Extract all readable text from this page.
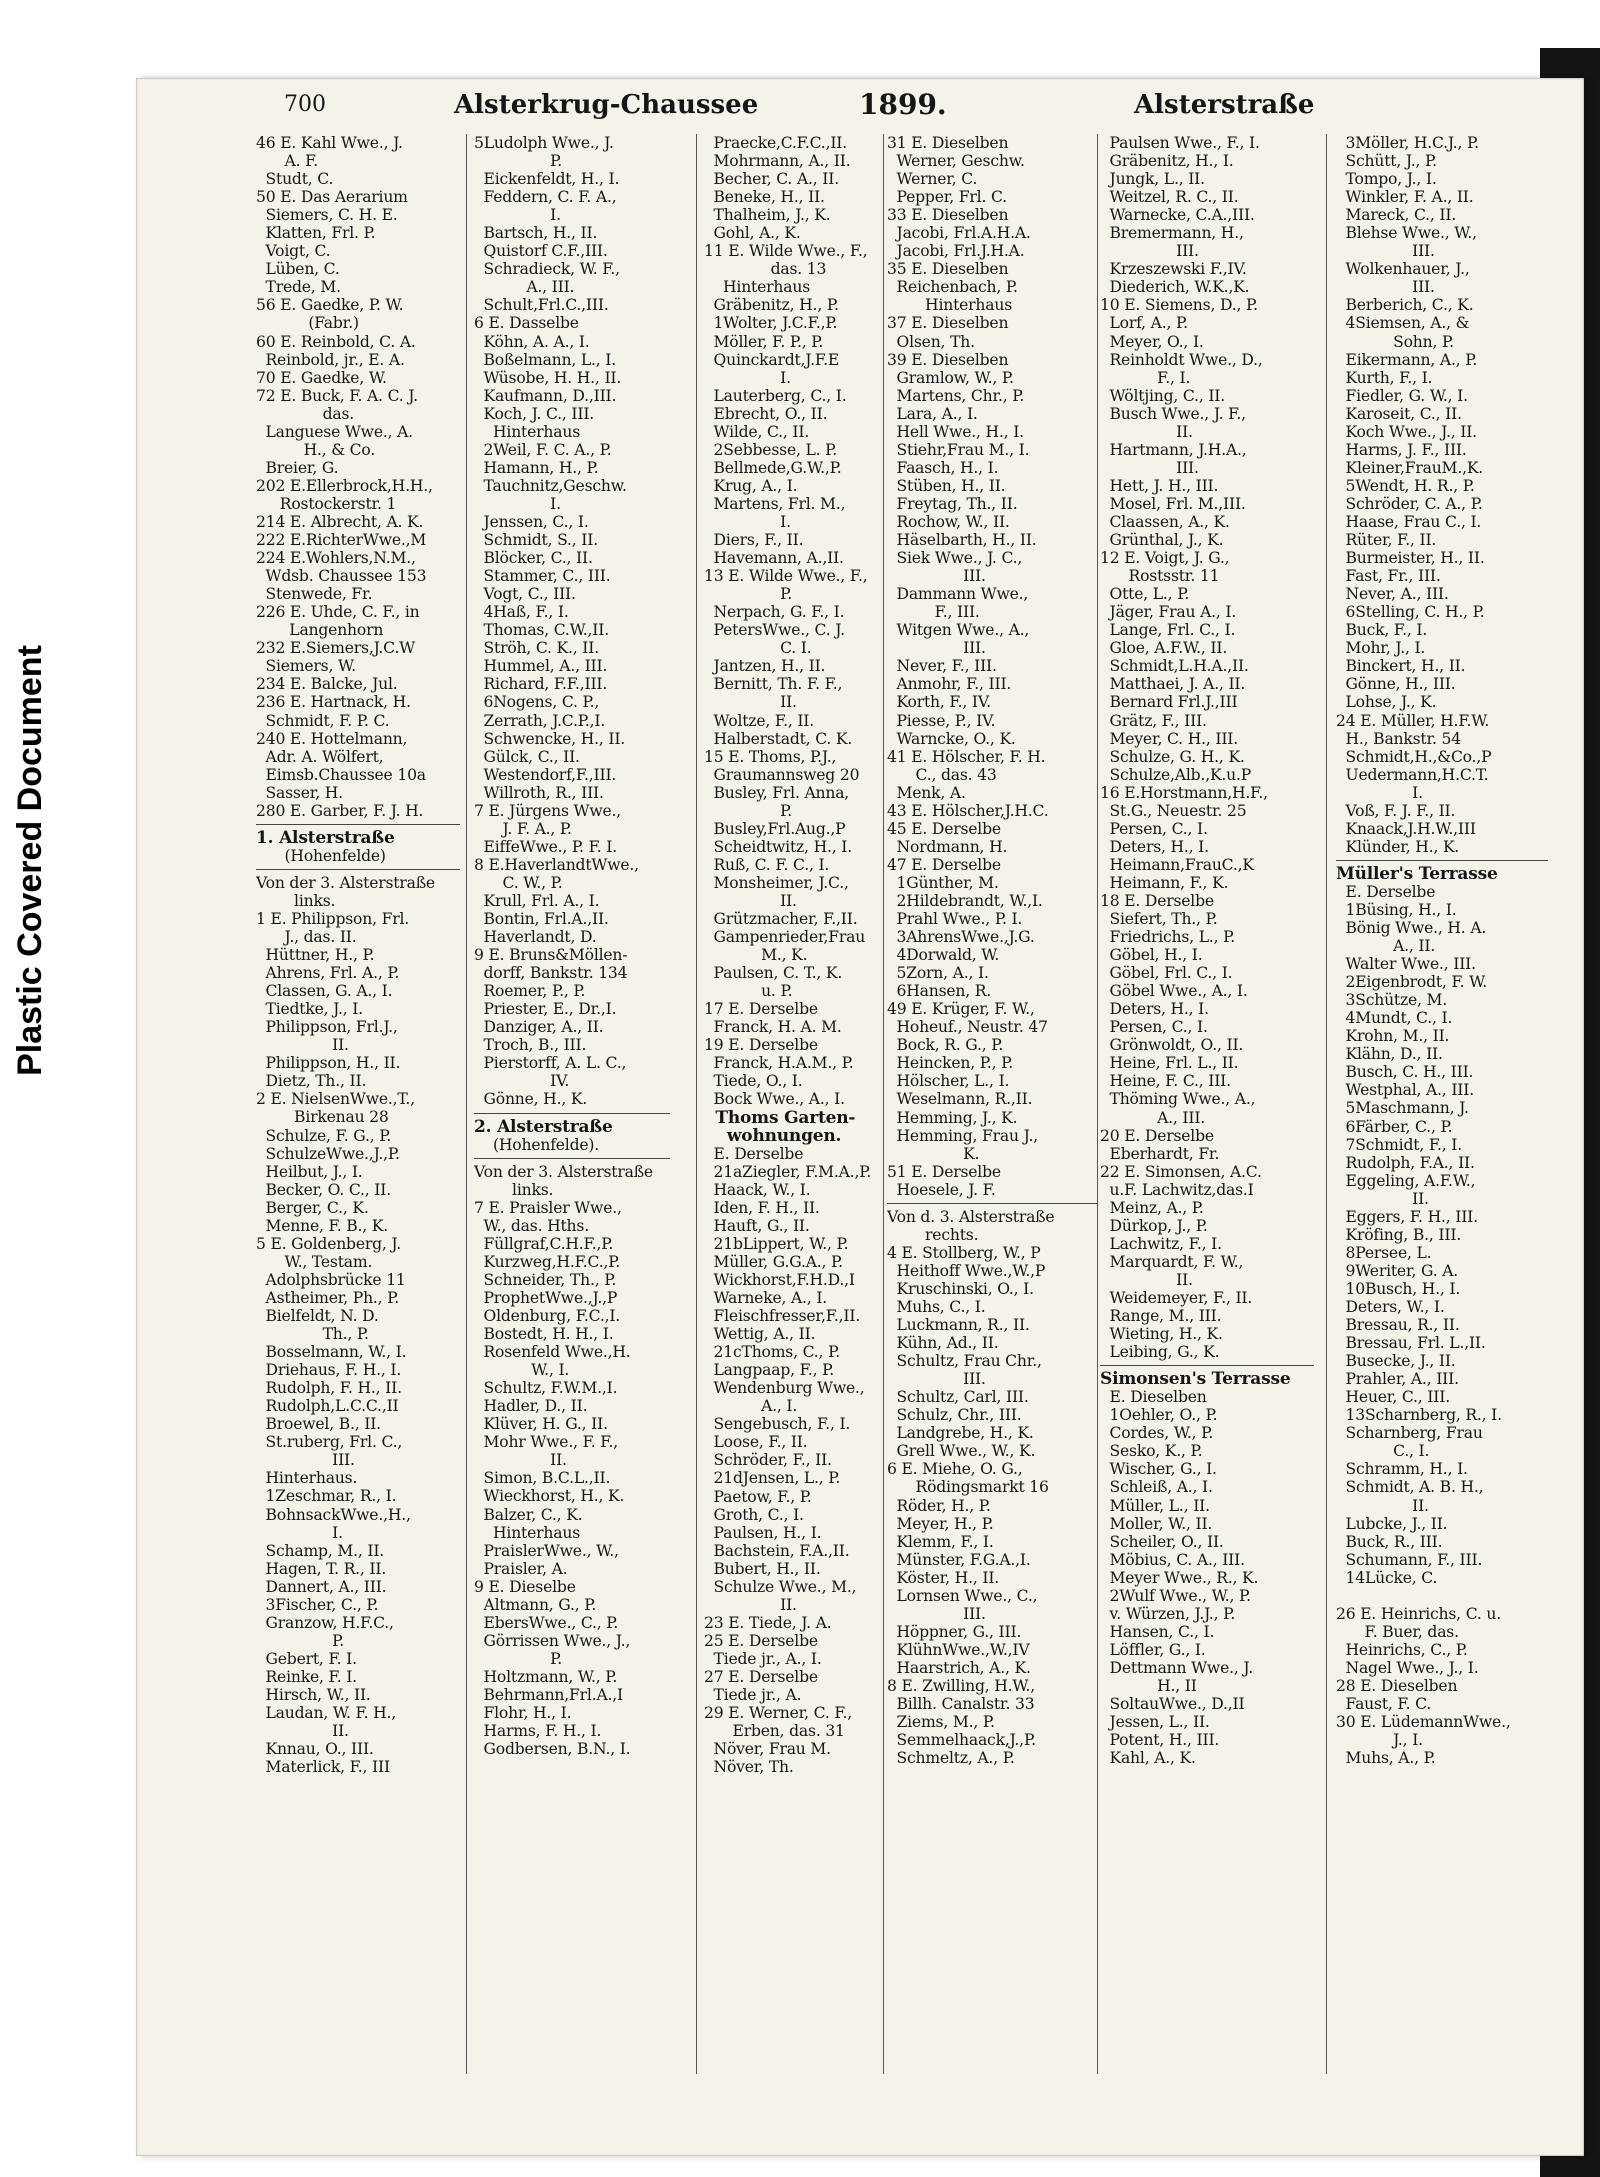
Plastic Covered Document
700	Alsterkrug-Chaussee	1899.	Alsterstraße
46 E. Kahl Wwe., J.
A. F.
Studt, C.
50 E. Das Aerarium
Siemers, C. H. E.
Klatten, Frl. P.
Voigt, C.
Lüben, C.
Trede, M.
56 E. Gaedke, P. W.
(Fabr.)
60 E. Reinbold, C. A.
Reinbold, jr., E. A.
70 E. Gaedke, W.
72 E. Buck, F. A. C. J.
das.
Languese Wwe., A.
H., & Co.
Breier, G.
202 E.Ellerbrock,H.H.,
Rostockerstr. 1
214 E. Albrecht, A. K.
222 E.RichterWwe.,M
224 E.Wohlers,N.M.,
Wdsb. Chaussee 153
Stenwede, Fr.
226 E. Uhde, C. F., in
Langenhorn
232 E.Siemers,J.C.W
Siemers, W.
234 E. Balcke, Jul.
236 E. Hartnack, H.
Schmidt, F. P. C.
240 E. Hottelmann,
Adr. A. Wölfert,
Eimsb.Chaussee 10a
Sasser, H.
280 E. Garber, F. J. H.
1. Alsterstraße
(Hohenfelde)
Von der 3. Alsterstraße
links.
1 E. Philippson, Frl.
J., das. II.
Hüttner, H., P.
Ahrens, Frl. A., P.
Classen, G. A., I.
Tiedtke, J., I.
Philippson, Frl.J.,
II.
Philippson, H., II.
Dietz, Th., II.
2 E. NielsenWwe.,T.,
Birkenau 28
Schulze, F. G., P.
SchulzeWwe.,J.,P.
Heilbut, J., I.
Becker, O. C., II.
Berger, C., K.
Menne, F. B., K.
5 E. Goldenberg, J.
W., Testam.
Adolphsbrücke 11
Astheimer, Ph., P.
Bielfeldt, N. D.
Th., P.
Bosselmann, W., I.
Driehaus, F. H., I.
Rudolph, F. H., II.
Rudolph,L.C.C.,II
Broewel, B., II.
St.ruberg, Frl. C.,
III.
Hinterhaus.
1Zeschmar, R., I.
BohnsackWwe.,H.,
I.
Schamp, M., II.
Hagen, T. R., II.
Dannert, A., III.
3Fischer, C., P.
Granzow, H.F.C.,
P.
Gebert, F. I.
Reinke, F. I.
Hirsch, W., II.
Laudan, W. F. H.,
II.
Knnau, O., III.
Materlick, F., III
5Ludolph Wwe., J.
P.
Eickenfeldt, H., I.
Feddern, C. F. A.,
I.
Bartsch, H., II.
Quistorf C.F.,III.
Schradieck, W. F.,
A., III.
Schult,Frl.C.,III.
6 E. Dasselbe
Köhn, A. A., I.
Boßelmann, L., I.
Wüsobe, H. H., II.
Kaufmann, D.,III.
Koch, J. C., III.
Hinterhaus
2Weil, F. C. A., P.
Hamann, H., P.
Tauchnitz,Geschw.
I.
Jenssen, C., I.
Schmidt, S., II.
Blöcker, C., II.
Stammer, C., III.
Vogt, C., III.
4Haß, F., I.
Thomas, C.W.,II.
Ströh, C. K., II.
Hummel, A., III.
Richard, F.F.,III.
6Nogens, C. P.,
Zerrath, J.C.P.,I.
Schwencke, H., II.
Gülck, C., II.
Westendorf,F.,III.
Willroth, R., III.
7 E. Jürgens Wwe.,
J. F. A., P.
EiffeWwe., P. F. I.
8 E.HaverlandtWwe.,
C. W., P.
Krull, Frl. A., I.
Bontin, Frl.A.,II.
Haverlandt, D.
9 E. Bruns&Möllen-
dorff, Bankstr. 134
Roemer, P., P.
Priester, E., Dr.,I.
Danziger, A., II.
Troch, B., III.
Pierstorff, A. L. C.,
IV.
Gönne, H., K.
2. Alsterstraße
(Hohenfelde).
Von der 3. Alsterstraße
links.
7 E. Praisler Wwe.,
W., das. Hths.
Füllgraf,C.H.F.,P.
Kurzweg,H.F.C.,P.
Schneider, Th., P.
ProphetWwe.,J.,P
Oldenburg, F.C.,I.
Bostedt, H. H., I.
Rosenfeld Wwe.,H.
W., I.
Schultz, F.W.M.,I.
Hadler, D., II.
Klüver, H. G., II.
Mohr Wwe., F. F.,
II.
Simon, B.C.L.,II.
Wieckhorst, H., K.
Balzer, C., K.
Hinterhaus
PraislerWwe., W.,
Praisler, A.
9 E. Dieselbe
Altmann, G., P.
EbersWwe., C., P.
Görrissen Wwe., J.,
P.
Holtzmann, W., P.
Behrmann,Frl.A.,I
Flohr, H., I.
Harms, F. H., I.
Godbersen, B.N., I.
Praecke,C.F.C.,II.
Mohrmann, A., II.
Becher, C. A., II.
Beneke, H., II.
Thalheim, J., K.
Gohl, A., K.
11 E. Wilde Wwe., F.,
das. 13
Hinterhaus
Gräbenitz, H., P.
1Wolter, J.C.F.,P.
Möller, F. P., P.
Quinckardt,J.F.E
I.
Lauterberg, C., I.
Ebrecht, O., II.
Wilde, C., II.
2Sebbesse, L. P.
Bellmede,G.W.,P.
Krug, A., I.
Martens, Frl. M.,
I.
Diers, F., II.
Havemann, A.,II.
13 E. Wilde Wwe., F.,
P.
Nerpach, G. F., I.
PetersWwe., C. J.
C. I.
Jantzen, H., II.
Bernitt, Th. F. F.,
II.
Woltze, F., II.
Halberstadt, C. K.
15 E. Thoms, P.J.,
Graumannsweg 20
Busley, Frl. Anna,
P.
Busley,Frl.Aug.,P
Scheidtwitz, H., I.
Ruß, C. F. C., I.
Monsheimer, J.C.,
II.
Grützmacher, F.,II.
Gampenrieder,Frau
M., K.
Paulsen, C. T., K.
u. P.
17 E. Derselbe
Franck, H. A. M.
19 E. Derselbe
Franck, H.A.M., P.
Tiede, O., I.
Bock Wwe., A., I.
Thoms Garten-
wohnungen.
E. Derselbe
21aZiegler, F.M.A.,P.
Haack, W., I.
Iden, F. H., II.
Hauft, G., II.
21bLippert, W., P.
Müller, G.G.A., P.
Wickhorst,F.H.D.,I
Warneke, A., I.
Fleischfresser,F.,II.
Wettig, A., II.
21cThoms, C., P.
Langpaap, F., P.
Wendenburg Wwe.,
A., I.
Sengebusch, F., I.
Loose, F., II.
Schröder, F., II.
21dJensen, L., P.
Paetow, F., P.
Groth, C., I.
Paulsen, H., I.
Bachstein, F.A.,II.
Bubert, H., II.
Schulze Wwe., M.,
II.
23 E. Tiede, J. A.
25 E. Derselbe
Tiede jr., A., I.
27 E. Derselbe
Tiede jr., A.
29 E. Werner, C. F.,
Erben, das. 31
Növer, Frau M.
Növer, Th.
31 E. Dieselben
Werner, Geschw.
Werner, C.
Pepper, Frl. C.
33 E. Dieselben
Jacobi, Frl.A.H.A.
Jacobi, Frl.J.H.A.
35 E. Dieselben
Reichenbach, P.
Hinterhaus
37 E. Dieselben
Olsen, Th.
39 E. Dieselben
Gramlow, W., P.
Martens, Chr., P.
Lara, A., I.
Hell Wwe., H., I.
Stiehr,Frau M., I.
Faasch, H., I.
Stüben, H., II.
Freytag, Th., II.
Rochow, W., II.
Häselbarth, H., II.
Siek Wwe., J. C.,
III.
Dammann Wwe.,
F., III.
Witgen Wwe., A.,
III.
Never, F., III.
Anmohr, F., III.
Korth, F., IV.
Piesse, P., IV.
Warncke, O., K.
41 E. Hölscher, F. H.
C., das. 43
Menk, A.
43 E. Hölscher,J.H.C.
45 E. Derselbe
Nordmann, H.
47 E. Derselbe
1Günther, M.
2Hildebrandt, W.,I.
Prahl Wwe., P. I.
3AhrensWwe.,J.G.
4Dorwald, W.
5Zorn, A., I.
6Hansen, R.
49 E. Krüger, F. W.,
Hoheuf., Neustr. 47
Bock, R. G., P.
Heincken, P., P.
Hölscher, L., I.
Weselmann, R.,II.
Hemming, J., K.
Hemming, Frau J.,
K.
51 E. Derselbe
Hoesele, J. F.
Von d. 3. Alsterstraße
rechts.
4 E. Stollberg, W., P
Heithoff Wwe.,W.,P
Kruschinski, O., I.
Muhs, C., I.
Luckmann, R., II.
Kühn, Ad., II.
Schultz, Frau Chr.,
III.
Schultz, Carl, III.
Schulz, Chr., III.
Landgrebe, H., K.
Grell Wwe., W., K.
6 E. Miehe, O. G.,
Rödingsmarkt 16
Röder, H., P.
Meyer, H., P.
Klemm, F., I.
Münster, F.G.A.,I.
Köster, H., II.
Lornsen Wwe., C.,
III.
Höppner, G., III.
KlühnWwe.,W.,IV
Haarstrich, A., K.
8 E. Zwilling, H.W.,
Billh. Canalstr. 33
Ziems, M., P.
Semmelhaack,J.,P.
Schmeltz, A., P.
Paulsen Wwe., F., I.
Gräbenitz, H., I.
Jungk, L., II.
Weitzel, R. C., II.
Warnecke, C.A.,III.
Bremermann, H.,
III.
Krzeszewski F.,IV.
Diederich, W.K.,K.
10 E. Siemens, D., P.
Lorf, A., P.
Meyer, O., I.
Reinholdt Wwe., D.,
F., I.
Wöltjing, C., II.
Busch Wwe., J. F.,
II.
Hartmann, J.H.A.,
III.
Hett, J. H., III.
Mosel, Frl. M.,III.
Claassen, A., K.
Grünthal, J., K.
12 E. Voigt, J. G.,
Rostsstr. 11
Otte, L., P.
Jäger, Frau A., I.
Lange, Frl. C., I.
Gloe, A.F.W., II.
Schmidt,L.H.A.,II.
Matthaei, J. A., II.
Bernard Frl.J.,III
Grätz, F., III.
Meyer, C. H., III.
Schulze, G. H., K.
Schulze,Alb.,K.u.P
16 E.Horstmann,H.F.,
St.G., Neuestr. 25
Persen, C., I.
Deters, H., I.
Heimann,FrauC.,K
Heimann, F., K.
18 E. Derselbe
Siefert, Th., P.
Friedrichs, L., P.
Göbel, H., I.
Göbel, Frl. C., I.
Göbel Wwe., A., I.
Deters, H., I.
Persen, C., I.
Grönwoldt, O., II.
Heine, Frl. L., II.
Heine, F. C., III.
Thöming Wwe., A.,
A., III.
20 E. Derselbe
Eberhardt, Fr.
22 E. Simonsen, A.C.
u.F. Lachwitz,das.I
Meinz, A., P.
Dürkop, J., P.
Lachwitz, F., I.
Marquardt, F. W.,
II.
Weidemeyer, F., II.
Range, M., III.
Wieting, H., K.
Leibing, G., K.
Simonsen's Terrasse
E. Dieselben
1Oehler, O., P.
Cordes, W., P.
Sesko, K., P.
Wischer, G., I.
Schleiß, A., I.
Müller, L., II.
Moller, W., II.
Scheiler, O., II.
Möbius, C. A., III.
Meyer Wwe., R., K.
2Wulf Wwe., W., P.
v. Würzen, J.J., P.
Hansen, C., I.
Löffler, G., I.
Dettmann Wwe., J.
H., II
SoltauWwe., D.,II
Jessen, L., II.
Potent, H., III.
Kahl, A., K.
3Möller, H.C.J., P.
Schütt, J., P.
Tompo, J., I.
Winkler, F. A., II.
Mareck, C., II.
Blehse Wwe., W.,
III.
Wolkenhauer, J.,
III.
Berberich, C., K.
4Siemsen, A., &
Sohn, P.
Eikermann, A., P.
Kurth, F., I.
Fiedler, G. W., I.
Karoseit, C., II.
Koch Wwe., J., II.
Harms, J. F., III.
Kleiner,FrauM.,K.
5Wendt, H. R., P.
Schröder, C. A., P.
Haase, Frau C., I.
Rüter, F., II.
Burmeister, H., II.
Fast, Fr., III.
Never, A., III.
6Stelling, C. H., P.
Buck, F., I.
Mohr, J., I.
Binckert, H., II.
Gönne, H., III.
Lohse, J., K.
24 E. Müller, H.F.W.
H., Bankstr. 54
Schmidt,H.,&Co.,P
Uedermann,H.C.T.
I.
Voß, F. J. F., II.
Knaack,J.H.W.,III
Klünder, H., K.
Müller's Terrasse
E. Derselbe
1Büsing, H., I.
Bönig Wwe., H. A.
A., II.
Walter Wwe., III.
2Eigenbrodt, F. W.
3Schütze, M.
4Mundt, C., I.
Krohn, M., II.
Klähn, D., II.
Busch, C. H., III.
Westphal, A., III.
5Maschmann, J.
6Färber, C., P.
7Schmidt, F., I.
Rudolph, F.A., II.
Eggeling, A.F.W.,
II.
Eggers, F. H., III.
Kröfing, B., III.
8Persee, L.
9Weriter, G. A.
10Busch, H., I.
Deters, W., I.
Bressau, R., II.
Bressau, Frl. L.,II.
Busecke, J., II.
Prahler, A., III.
Heuer, C., III.
13Scharnberg, R., I.
Scharnberg, Frau
C., I.
Schramm, H., I.
Schmidt, A. B. H.,
II.
Lubcke, J., II.
Buck, R., III.
Schumann, F., III.
14Lücke, C.

26 E. Heinrichs, C. u.
F. Buer, das.
Heinrichs, C., P.
Nagel Wwe., J., I.
28 E. Dieselben
Faust, F. C.
30 E. LüdemannWwe.,
J., I.
Muhs, A., P.
